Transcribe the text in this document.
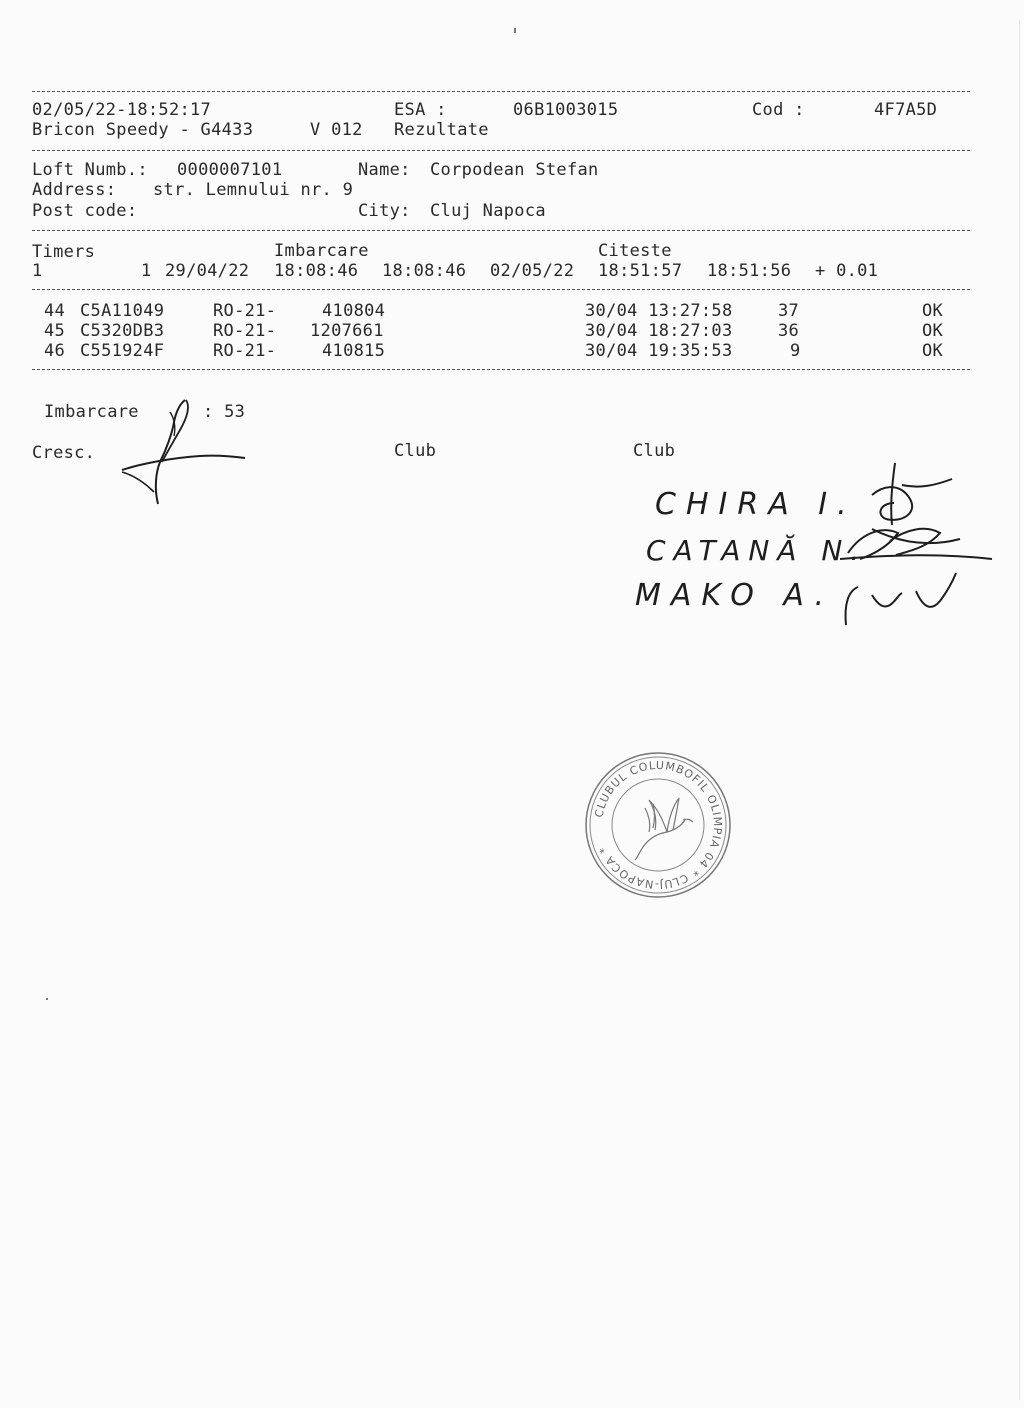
02/05/22-18:52:17	ESA :	06B1003015	Cod :	4F7A5D
Bricon Speedy - G4433	V 012 Rezultate
Loft Numb.: 0000007101	Name: Corpodean Stefan
Address: str. Lemnului nr. 9
Post code:	City: Cluj Napoca
Timers	Imbarcare	Citeste
1	1 29/04/22 18:08:46 18:08:46 02/05/22 18:51:57 18:51:56 + 0.01
44 C5A11049	RO-21-	410804	30/04 13:27:58	37	OK
45 C5320DB3	RO-21- 1207661	30/04 18:27:03	36	OK
46 C551924F	RO-21-	410815	30/04 19:35:53	9	OK
Imbarcare	: 53
Cresc.	Club	Club
CHIRA I.
CATANĂ N.
MAKO A.
CLUBUL COLUMBOFIL OLIMPIA 04 * CLUJ-NAPOCA *
